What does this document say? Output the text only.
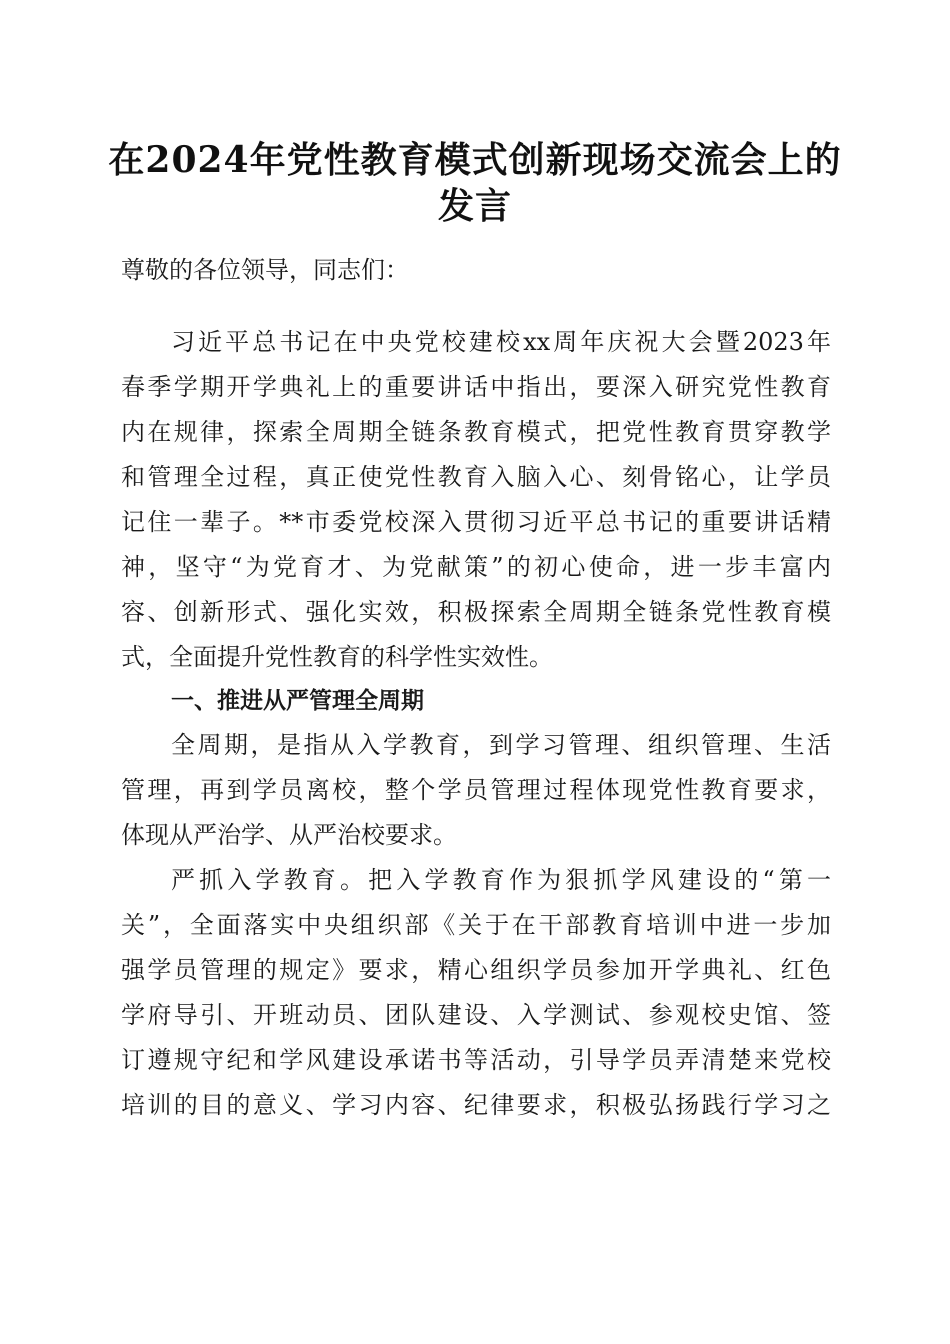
在2024年党性教育模式创新现场交流会上的
发言
尊敬的各位领导，同志们：
习近平总书记在中央党校建校xx周年庆祝大会暨2023年
春季学期开学典礼上的重要讲话中指出，要深入研究党性教育
内在规律，探索全周期全链条教育模式，把党性教育贯穿教学
和管理全过程，真正使党性教育入脑入心、刻骨铭心，让学员
记住一辈子。**市委党校深入贯彻习近平总书记的重要讲话精
神，坚守“为党育才、为党献策”的初心使命，进一步丰富内
容、创新形式、强化实效，积极探索全周期全链条党性教育模
式，全面提升党性教育的科学性实效性。
一、推进从严管理全周期
全周期，是指从入学教育，到学习管理、组织管理、生活
管理，再到学员离校，整个学员管理过程体现党性教育要求，
体现从严治学、从严治校要求。
严抓入学教育。把入学教育作为狠抓学风建设的“第一
关”，全面落实中央组织部《关于在干部教育培训中进一步加
强学员管理的规定》要求，精心组织学员参加开学典礼、红色
学府导引、开班动员、团队建设、入学测试、参观校史馆、签
订遵规守纪和学风建设承诺书等活动，引导学员弄清楚来党校
培训的目的意义、学习内容、纪律要求，积极弘扬践行学习之
